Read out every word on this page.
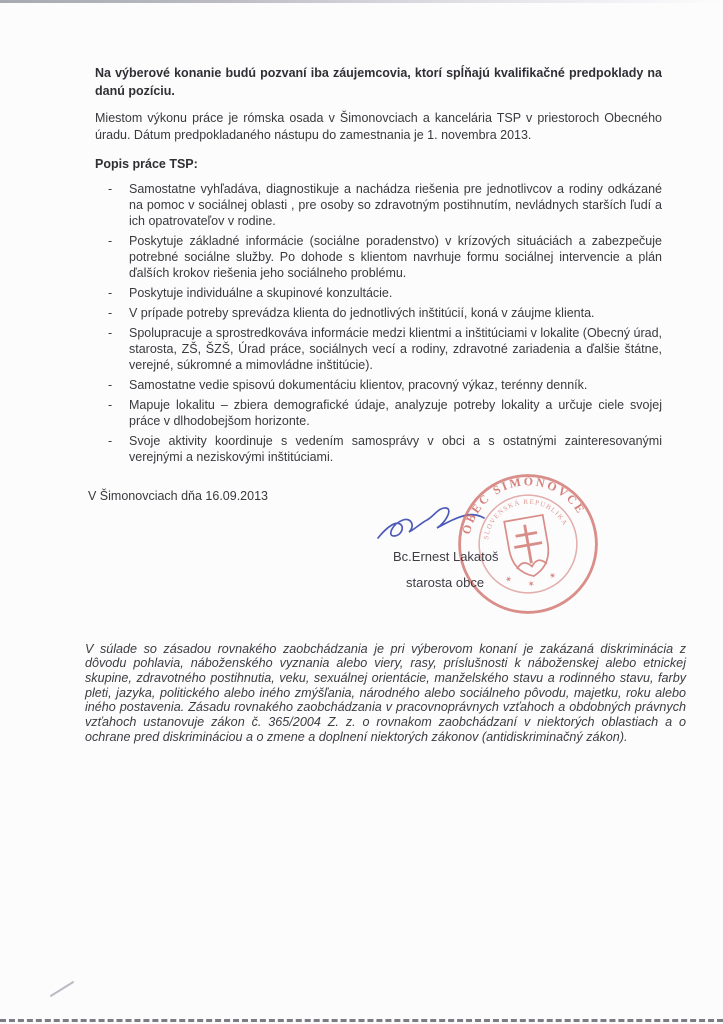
Na výberové konanie budú pozvaní iba záujemcovia, ktorí spĺňajú kvalifikačné predpoklady na danú pozíciu.

Miestom výkonu práce je rómska osada v Šimonovciach a kancelária TSP v priestoroch Obecného úradu. Dátum predpokladaného nástupu do zamestnania je 1. novembra 2013.

Popis práce TSP:

- Samostatne vyhľadáva, diagnostikuje a nachádza riešenia pre jednotlivcov a rodiny odkázané na pomoc v sociálnej oblasti , pre osoby so zdravotným postihnutím, nevládnych starších ľudí a ich opatrovateľov v rodine.
- Poskytuje základné informácie (sociálne poradenstvo) v krízových situáciách a zabezpečuje potrebné sociálne služby. Po dohode s klientom navrhuje formu sociálnej intervencie a plán ďalších krokov riešenia jeho sociálneho problému.
- Poskytuje individuálne a skupinové konzultácie.
- V prípade potreby sprevádza klienta do jednotlivých inštitúcií, koná v záujme klienta.
- Spolupracuje a sprostredkováva informácie medzi klientmi a inštitúciami v lokalite (Obecný úrad, starosta, ZŠ, ŠZŠ, Úrad práce, sociálnych vecí a rodiny, zdravotné zariadenia a ďalšie štátne, verejné, súkromné a mimovládne inštitúcie).
- Samostatne vedie spisovú dokumentáciu klientov, pracovný výkaz, terénny denník.
- Mapuje lokalitu – zbiera demografické údaje, analyzuje potreby lokality a určuje ciele svojej práce v dlhodobejšom horizonte.
- Svoje aktivity koordinuje s vedením samosprávy v obci a s ostatnými zainteresovanými verejnými a neziskovými inštitúciami.
V Šimonovciach dňa 16.09.2013
OBEC ŠIMONOVCE
SLOVENSKÁ REPUBLIKA
✶ ✶ ✶
Bc.Ernest Lakatoš
starosta obce

V súlade so zásadou rovnakého zaobchádzania je pri výberovom konaní je zakázaná diskriminácia z dôvodu pohlavia, náboženského vyznania alebo viery, rasy, príslušnosti k náboženskej alebo etnickej skupine, zdravotného postihnutia, veku, sexuálnej orientácie, manželského stavu a rodinného stavu, farby pleti, jazyka, politického alebo iného zmýšľania, národného alebo sociálneho pôvodu, majetku, roku alebo iného postavenia. Zásadu rovnakého zaobchádzania v pracovnoprávnych vzťahoch a obdobných právnych vzťahoch ustanovuje zákon č. 365/2004 Z. z. o rovnakom zaobchádzaní v niektorých oblastiach a o ochrane pred diskrimináciou a o zmene a doplnení niektorých zákonov (antidiskriminačný zákon).
